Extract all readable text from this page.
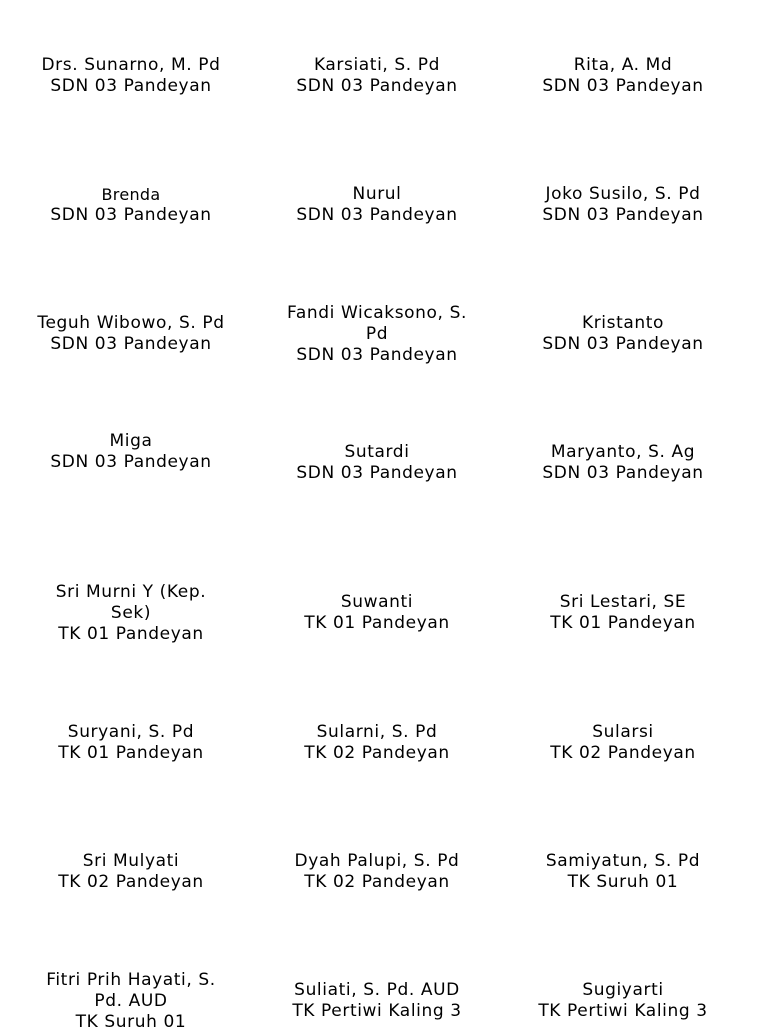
Drs. Sunarno, M. Pd
SDN 03 Pandeyan
Karsiati, S. Pd
SDN 03 Pandeyan
Rita, A. Md
SDN 03 Pandeyan
Brenda
SDN 03 Pandeyan
Nurul
SDN 03 Pandeyan
Joko Susilo, S. Pd
SDN 03 Pandeyan
Teguh Wibowo, S. Pd
SDN 03 Pandeyan
Fandi Wicaksono, S.
Pd
SDN 03 Pandeyan
Kristanto
SDN 03 Pandeyan
Miga
SDN 03 Pandeyan	Sutardi
SDN 03 Pandeyan
Maryanto, S. Ag
SDN 03 Pandeyan
Sri Murni Y (Kep.
Sek)
TK 01 Pandeyan
Suwanti
TK 01 Pandeyan
Sri Lestari, SE
TK 01 Pandeyan
Suryani, S. Pd
TK 01 Pandeyan
Sularni, S. Pd
TK 02 Pandeyan
Sularsi
TK 02 Pandeyan
Sri Mulyati
TK 02 Pandeyan
Dyah Palupi, S. Pd
TK 02 Pandeyan
Samiyatun, S. Pd
TK Suruh 01
Fitri Prih Hayati, S.
Pd. AUD
TK Suruh 01
Suliati, S. Pd. AUD
TK Pertiwi Kaling 3
Sugiyarti
TK Pertiwi Kaling 3
